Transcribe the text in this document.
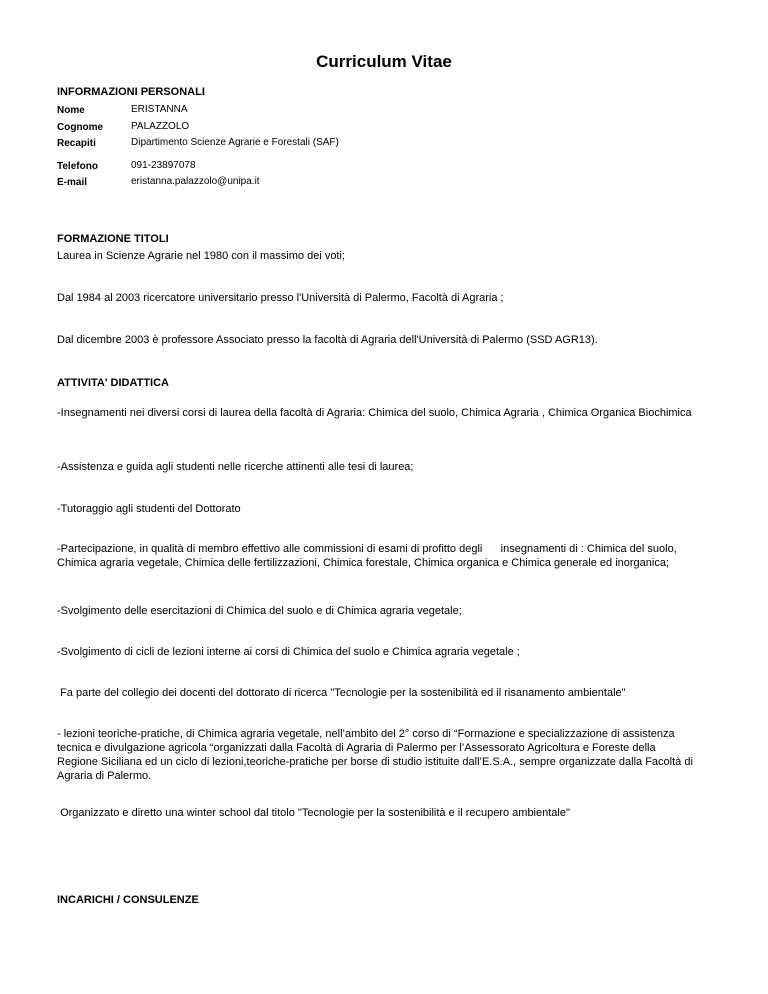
Curriculum Vitae
INFORMAZIONI PERSONALI
Nome	ERISTANNA
Cognome	PALAZZOLO
Recapiti	Dipartimento Scienze Agrarie e Forestali (SAF)
Telefono	091-23897078
E-mail	eristanna.palazzolo@unipa.it
FORMAZIONE TITOLI
Laurea in Scienze Agrarie nel 1980 con il massimo dei voti;
Dal 1984 al 2003 ricercatore universitario presso l'Università di Palermo, Facoltà di Agraria ;
Dal dicembre 2003 è professore Associato presso la facoltà di Agraria dell'Università di Palermo (SSD AGR13).
ATTIVITA' DIDATTICA
-Insegnamenti nei diversi corsi di laurea della facoltà di Agraria: Chimica del suolo, Chimica Agraria , Chimica Organica Biochimica
-Assistenza e guida agli studenti nelle ricerche attinenti alle tesi di laurea;
-Tutoraggio agli studenti del Dottorato
-Partecipazione, in qualità di membro effettivo alle commissioni di esami di profitto degli      insegnamenti di : Chimica del suolo, Chimica agraria vegetale, Chimica delle fertilizzazioni, Chimica forestale, Chimica organica e Chimica generale ed inorganica;
-Svolgimento delle esercitazioni di Chimica del suolo e di Chimica agraria vegetale;
-Svolgimento di cicli de lezioni interne ai corsi di Chimica del suolo e Chimica agraria vegetale ;
Fa parte del collegio dei docenti del dottorato di ricerca "Tecnologie per la sostenibilità ed il risanamento ambientale"
- lezioni teoriche-pratiche, di Chimica agraria vegetale, nell’ambito del 2° corso di “Formazione e specializzazione di assistenza tecnica e divulgazione agricola “organizzati dalla Facoltà di Agraria di Palermo per l’Assessorato Agricoltura e Foreste della Regione Siciliana ed un ciclo di lezioni,teoriche-pratiche per borse di studio istituite dall’E.S.A., sempre organizzate dalla Facoltà di Agraria di Palermo.
Organizzato e diretto una winter school dal titolo "Tecnologie per la sostenibilità e il recupero ambientale"
INCARICHI / CONSULENZE
